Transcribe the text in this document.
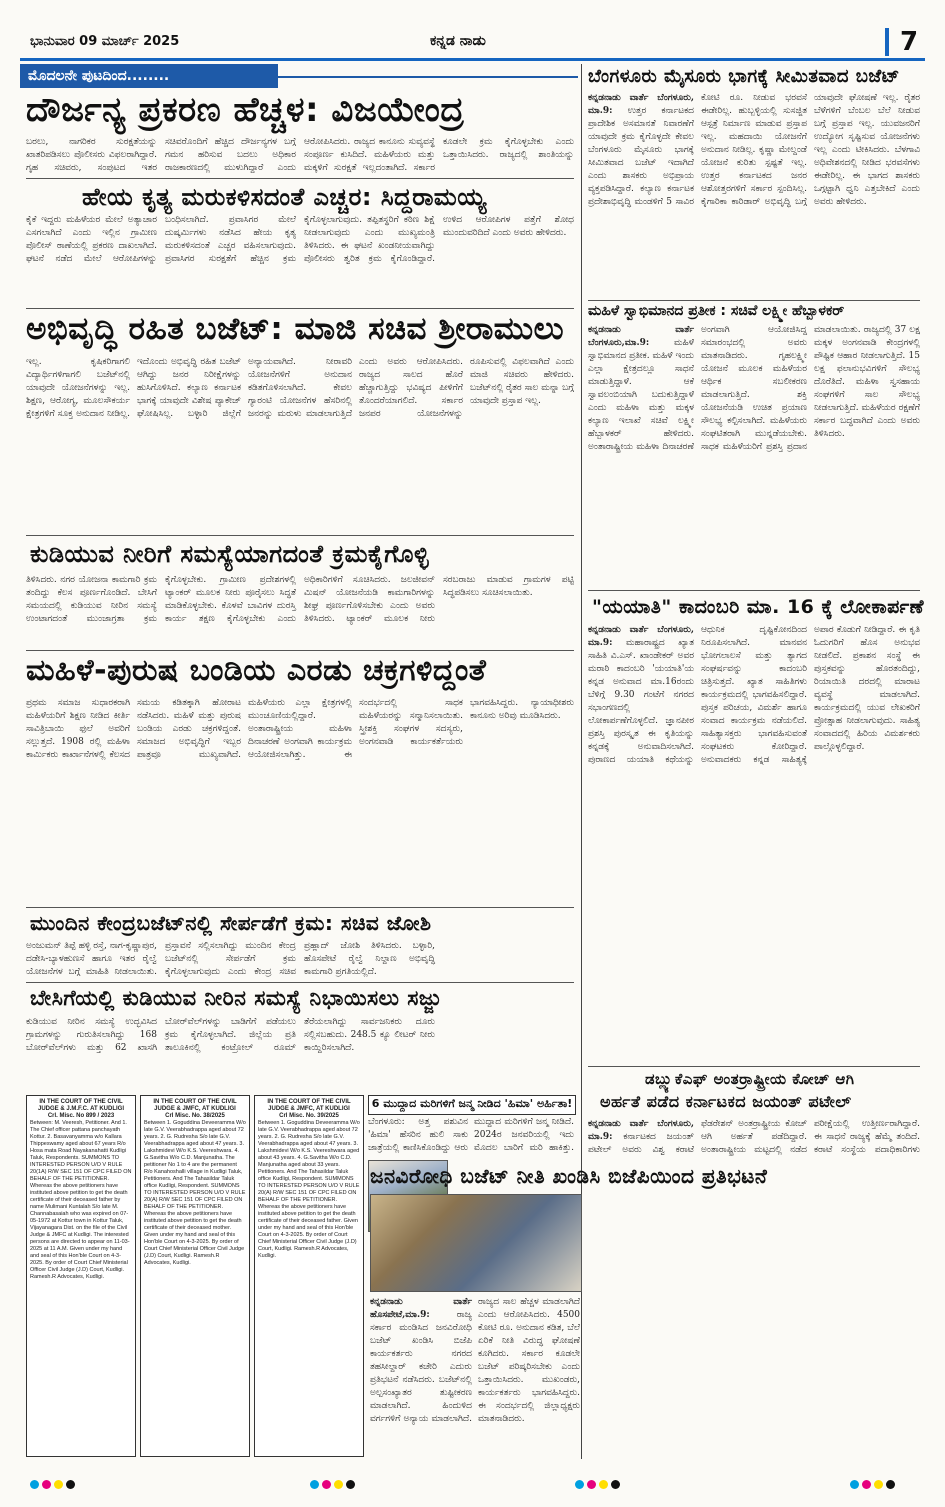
ಭಾನುವಾರ 09 ಮಾರ್ಚ್ 2025	ಕನ್ನಡ ನಾಡು	7
ಮೊದಲನೇ ಪುಟದಿಂದ........
ದೌರ್ಜನ್ಯ ಪ್ರಕರಣ ಹೆಚ್ಚಳ: ವಿಜಯೇಂದ್ರ
ಬರಲು, ನಾಗರಿಕರ ಸುರಕ್ಷತೆಯನ್ನು ಖಾತರಿಪಡಿಸಲು ಪೊಲೀಸರು ವಿಫಲರಾಗಿದ್ದಾರೆ. ಗೃಹ ಸಚಿವರು, ಸಂಪುಟದ ಇತರ ಸಚಿವರೊಂದಿಗೆ ಹೆಚ್ಚಿದ ದೌರ್ಜನ್ಯಗಳ ಬಗ್ಗೆ ಗಮನ ಹರಿಸುವ ಬದಲು ಅಧಿಕಾರ ರಾಜಕಾರಣದಲ್ಲಿ ಮುಳುಗಿದ್ದಾರೆ ಎಂದು ಆರೋಪಿಸಿದರು. ರಾಜ್ಯದ ಕಾನೂನು ಸುವ್ಯವಸ್ಥೆ ಸಂಪೂರ್ಣ ಕುಸಿದಿದೆ. ಮಹಿಳೆಯರು ಮತ್ತು ಮಕ್ಕಳಿಗೆ ಸುರಕ್ಷತೆ ಇಲ್ಲದಂತಾಗಿದೆ. ಸರ್ಕಾರ ಕೂಡಲೇ ಕ್ರಮ ಕೈಗೊಳ್ಳಬೇಕು ಎಂದು ಒತ್ತಾಯಿಸಿದರು. ರಾಜ್ಯದಲ್ಲಿ ಶಾಂತಿಯನ್ನು
ಹೇಯ ಕೃತ್ಯ ಮರುಕಳಿಸದಂತೆ ಎಚ್ಚರ: ಸಿದ್ದರಾಮಯ್ಯ
ಕೈಕೆ ಇದ್ದರು ಮಹಿಳೆಯರ ಮೇಲೆ ಅತ್ಯಾಚಾರ ಎಸಗಲಾಗಿದೆ ಎಂದು ಇಲ್ಲಿನ ಗ್ರಾಮೀಣ ಪೊಲೀಸ್ ಠಾಣೆಯಲ್ಲಿ ಪ್ರಕರಣ ದಾಖಲಾಗಿದೆ. ಘಟನೆ ನಡೆದ ಮೇಲೆ ಆರೋಪಿಗಳನ್ನು ಬಂಧಿಸಲಾಗಿದೆ. ಪ್ರವಾಸಿಗರ ಮೇಲೆ ದುಷ್ಕರ್ಮಿಗಳು ನಡೆಸಿದ ಹೇಯ ಕೃತ್ಯ ಮರುಕಳಿಸದಂತೆ ಎಚ್ಚರ ವಹಿಸಲಾಗುವುದು. ಪ್ರವಾಸಿಗರ ಸುರಕ್ಷತೆಗೆ ಹೆಚ್ಚಿನ ಕ್ರಮ ಕೈಗೊಳ್ಳಲಾಗುವುದು. ತಪ್ಪಿತಸ್ಥರಿಗೆ ಕಠಿಣ ಶಿಕ್ಷೆ ನೀಡಲಾಗುವುದು ಎಂದು ಮುಖ್ಯಮಂತ್ರಿ ತಿಳಿಸಿದರು. ಈ ಘಟನೆ ಖಂಡನೀಯವಾಗಿದ್ದು ಪೊಲೀಸರು ತ್ವರಿತ ಕ್ರಮ ಕೈಗೊಂಡಿದ್ದಾರೆ. ಉಳಿದ ಆರೋಪಿಗಳ ಪತ್ತೆಗೆ ಶೋಧ ಮುಂದುವರಿದಿದೆ ಎಂದು ಅವರು ಹೇಳಿದರು.
ಅಭಿವೃದ್ಧಿ ರಹಿತ ಬಜೆಟ್: ಮಾಜಿ ಸಚಿವ ಶ್ರೀರಾಮುಲು
ಇಲ್ಲ. ಕೃಷಿಕರಿಗಾಗಲಿ ವಿದ್ಯಾರ್ಥಿಗಳಿಗಾಗಲಿ ಬಜೆಟ್‌ನಲ್ಲಿ ಯಾವುದೇ ಯೋಜನೆಗಳನ್ನು ಇಲ್ಲ. ಶಿಕ್ಷಣ, ಆರೋಗ್ಯ, ಮೂಲಸೌಕರ್ಯ ಕ್ಷೇತ್ರಗಳಿಗೆ ಸೂಕ್ತ ಅನುದಾನ ನೀಡಿಲ್ಲ. ಇದೊಂದು ಅಭಿವೃದ್ಧಿ ರಹಿತ ಬಜೆಟ್ ಆಗಿದ್ದು ಜನರ ನಿರೀಕ್ಷೆಗಳನ್ನು ಹುಸಿಗೊಳಿಸಿದೆ. ಕಲ್ಯಾಣ ಕರ್ನಾಟಕ ಭಾಗಕ್ಕೆ ಯಾವುದೇ ವಿಶೇಷ ಪ್ಯಾಕೇಜ್ ಘೋಷಿಸಿಲ್ಲ. ಬಳ್ಳಾರಿ ಜಿಲ್ಲೆಗೆ ಅನ್ಯಾಯವಾಗಿದೆ. ನೀರಾವರಿ ಯೋಜನೆಗಳಿಗೆ ಅನುದಾನ ಕಡಿತಗೊಳಿಸಲಾಗಿದೆ. ಕೇವಲ ಗ್ಯಾರಂಟಿ ಯೋಜನೆಗಳ ಹೆಸರಿನಲ್ಲಿ ಜನರನ್ನು ಮರುಳು ಮಾಡಲಾಗುತ್ತಿದೆ ಎಂದು ಅವರು ಆರೋಪಿಸಿದರು. ರಾಜ್ಯದ ಸಾಲದ ಹೊರೆ ಹೆಚ್ಚಾಗುತ್ತಿದ್ದು ಭವಿಷ್ಯದ ಪೀಳಿಗೆಗೆ ತೊಂದರೆಯಾಗಲಿದೆ. ಸರ್ಕಾರ ಜನಪರ ಯೋಜನೆಗಳನ್ನು ರೂಪಿಸುವಲ್ಲಿ ವಿಫಲವಾಗಿದೆ ಎಂದು ಮಾಜಿ ಸಚಿವರು ಹೇಳಿದರು. ಬಜೆಟ್‌ನಲ್ಲಿ ರೈತರ ಸಾಲ ಮನ್ನಾ ಬಗ್ಗೆ ಯಾವುದೇ ಪ್ರಸ್ತಾಪ ಇಲ್ಲ.
ಕುಡಿಯುವ ನೀರಿಗೆ ಸಮಸ್ಯೆಯಾಗದಂತೆ ಕ್ರಮಕೈಗೊಳ್ಳಿ
ತಿಳಿಸಿದರು. ನಗರ ಯೋಜನಾ ಕಾಮಗಾರಿ ಕ್ರಮ ತಂದಿದ್ದು ಕೆಲಸ ಪೂರ್ಣಗೊಂಡಿದೆ. ಬೇಸಿಗೆ ಸಮಯದಲ್ಲಿ ಕುಡಿಯುವ ನೀರಿನ ಸಮಸ್ಯೆ ಉಂಟಾಗದಂತೆ ಮುಂಜಾಗ್ರತಾ ಕ್ರಮ ಕೈಗೊಳ್ಳಬೇಕು. ಗ್ರಾಮೀಣ ಪ್ರದೇಶಗಳಲ್ಲಿ ಟ್ಯಾಂಕರ್ ಮೂಲಕ ನೀರು ಪೂರೈಸಲು ಸಿದ್ಧತೆ ಮಾಡಿಕೊಳ್ಳಬೇಕು. ಕೊಳವೆ ಬಾವಿಗಳ ದುರಸ್ತಿ ಕಾರ್ಯ ತಕ್ಷಣ ಕೈಗೊಳ್ಳಬೇಕು ಎಂದು ಅಧಿಕಾರಿಗಳಿಗೆ ಸೂಚಿಸಿದರು. ಜಲಜೀವನ್ ಮಿಷನ್ ಯೋಜನೆಯಡಿ ಕಾಮಗಾರಿಗಳನ್ನು ಶೀಘ್ರ ಪೂರ್ಣಗೊಳಿಸಬೇಕು ಎಂದು ಅವರು ತಿಳಿಸಿದರು. ಟ್ಯಾಂಕರ್ ಮೂಲಕ ನೀರು ಸರಬರಾಜು ಮಾಡುವ ಗ್ರಾಮಗಳ ಪಟ್ಟಿ ಸಿದ್ಧಪಡಿಸಲು ಸೂಚಿಸಲಾಯಿತು.
ಮಹಿಳೆ-ಪುರುಷ ಬಂಡಿಯ ಎರಡು ಚಕ್ರಗಳಿದ್ದಂತೆ
ಪ್ರಥಮ ಸಮಾಜ ಸುಧಾರಕರಾಗಿ ಮಹಿಳೆಯರಿಗೆ ಶಿಕ್ಷಣ ನೀಡಿದ ಕೀರ್ತಿ ಸಾವಿತ್ರಿಬಾಯಿ ಫುಲೆ ಅವರಿಗೆ ಸಲ್ಲುತ್ತದೆ. 1908 ರಲ್ಲಿ ಮಹಿಳಾ ಕಾರ್ಮಿಕರು ಕಾರ್ಖಾನೆಗಳಲ್ಲಿ ಕೆಲಸದ ಸಮಯ ಕಡಿತಕ್ಕಾಗಿ ಹೋರಾಟ ನಡೆಸಿದರು. ಮಹಿಳೆ ಮತ್ತು ಪುರುಷ ಬಂಡಿಯ ಎರಡು ಚಕ್ರಗಳಿದ್ದಂತೆ. ಸಮಾಜದ ಅಭಿವೃದ್ಧಿಗೆ ಇಬ್ಬರ ಪಾತ್ರವೂ ಮುಖ್ಯವಾಗಿದೆ. ಮಹಿಳೆಯರು ಎಲ್ಲಾ ಕ್ಷೇತ್ರಗಳಲ್ಲಿ ಮುಂಚೂಣಿಯಲ್ಲಿದ್ದಾರೆ. ಅಂತಾರಾಷ್ಟ್ರೀಯ ಮಹಿಳಾ ದಿನಾಚರಣೆ ಅಂಗವಾಗಿ ಕಾರ್ಯಕ್ರಮ ಆಯೋಜಿಸಲಾಗಿತ್ತು. ಈ ಸಂದರ್ಭದಲ್ಲಿ ಸಾಧಕ ಮಹಿಳೆಯರನ್ನು ಸನ್ಮಾನಿಸಲಾಯಿತು. ಸ್ತ್ರೀಶಕ್ತಿ ಸಂಘಗಳ ಸದಸ್ಯರು, ಅಂಗನವಾಡಿ ಕಾರ್ಯಕರ್ತೆಯರು ಭಾಗವಹಿಸಿದ್ದರು. ನ್ಯಾಯಾಧೀಶರು ಕಾನೂನು ಅರಿವು ಮೂಡಿಸಿದರು.
ಮುಂದಿನ ಕೇಂದ್ರಬಜೆಟ್‌ನಲ್ಲಿ ಸೇರ್ಪಡೆಗೆ ಕ್ರಮ: ಸಚಿವ ಜೋಶಿ
ಅಂಜುಮನ್ ತಿಪ್ಪೆ ಹಳ್ಳಿ ರಸ್ತೆ, ನಾಗ-ಕೃಷ್ಣಾಪುರ, ದಡೇಸಿ-ಬ್ಯಾಳಹುಣಸೆ ಹಾಗೂ ಇತರ ರೈಲ್ವೆ ಯೋಜನೆಗಳ ಬಗ್ಗೆ ಮಾಹಿತಿ ನೀಡಲಾಯಿತು. ಪ್ರಸ್ತಾವನೆ ಸಲ್ಲಿಸಲಾಗಿದ್ದು ಮುಂದಿನ ಕೇಂದ್ರ ಬಜೆಟ್‌ನಲ್ಲಿ ಸೇರ್ಪಡೆಗೆ ಕ್ರಮ ಕೈಗೊಳ್ಳಲಾಗುವುದು ಎಂದು ಕೇಂದ್ರ ಸಚಿವ ಪ್ರಹ್ಲಾದ್ ಜೋಶಿ ತಿಳಿಸಿದರು. ಬಳ್ಳಾರಿ, ಹೊಸಪೇಟೆ ರೈಲ್ವೆ ನಿಲ್ದಾಣ ಅಭಿವೃದ್ಧಿ ಕಾಮಗಾರಿ ಪ್ರಗತಿಯಲ್ಲಿದೆ.
ಬೇಸಿಗೆಯಲ್ಲಿ ಕುಡಿಯುವ ನೀರಿನ ಸಮಸ್ಯೆ ನಿಭಾಯಿಸಲು ಸಜ್ಜು
ಕುಡಿಯುವ ನೀರಿನ ಸಮಸ್ಯೆ ಉದ್ಭವಿಸಿದ ಗ್ರಾಮಗಳನ್ನು ಗುರುತಿಸಲಾಗಿದ್ದು 168 ಬೋರ್‌ವೆಲ್‌ಗಳು ಮತ್ತು 62 ಖಾಸಗಿ ಬೋರ್‌ವೆಲ್‌ಗಳನ್ನು ಬಾಡಿಗೆಗೆ ಪಡೆಯಲು ಕ್ರಮ ಕೈಗೊಳ್ಳಲಾಗಿದೆ. ಜಿಲ್ಲೆಯ ಪ್ರತಿ ತಾಲೂಕಿನಲ್ಲಿ ಕಂಟ್ರೋಲ್ ರೂಮ್ ತೆರೆಯಲಾಗಿದ್ದು ಸಾರ್ವಜನಿಕರು ದೂರು ಸಲ್ಲಿಸಬಹುದು. 248.5 ಕ್ಯೂ ಲೀಟರ್ ನೀರು ಕಾಯ್ದಿರಿಸಲಾಗಿದೆ.
IN THE COURT OF THE CIVIL JUDGE & J.M.F.C. AT KUDLIGI
Crl. Misc. No 899 / 2023
Between: M. Veeresh, Petitioner. And 1. The Chief officer pattana panchayath Kottur. 2. Basavanyamma w/o Kallara Thippeswamy aged about 67 years R/o Hosa mata Road Nayakanahatti Kudligi Taluk, Respondents. SUMMONS TO INTERESTED PERSON U/O V RULE 20(1A) R/W SEC 151 OF CPC FILED ON BEHALF OF THE PETITIONER. Whereas the above petitioners have instituted above petition to get the death certificate of their deceased father by name Mulimani Kuntalah S/o late M. Channabasaiah who was expired on 07-05-1972 at Kottur town in Kottur Taluk, Vijayanagara Dist. on the file of the Civil Judge & JMFC at Kudligi. The interested persons are directed to appear on 11-03-2025 at 11 A.M. Given under my hand and seal of this Hon'ble Court on 4-3-2025. By order of Court Chief Ministerial Officer Civil Judge (J.D) Court, Kudligi. Ramesh.R Advocates, Kudligi.
IN THE COURT OF THE CIVIL JUDGE & JMFC, AT KUDLIGI
Crl Misc. No. 38/2025
Between 1. Goguddina Deveeramma W/o late G.V. Veerabhadrappa aged about 72 years. 2. G. Rudresha S/o late G.V. Veerabhadrappa aged about 47 years. 3. Lakshmidevi W/o K.S. Veereshwara. 4. G.Savitha W/o C.D. Manjunatha. The petitioner No 1 to 4 are the permanent R/o Kanahoshalli village in Kudligi Taluk, Petitioners. And The Tahasildar Taluk office Kudligi, Respondent. SUMMONS TO INTERESTED PERSON U/O V RULE 20(A) R/W SEC 151 OF CPC FILED ON BEHALF OF THE PETITIONER. Whereas the above petitioners have instituted above petition to get the death certificate of their deceased mother. Given under my hand and seal of this Hon'ble Court on 4-3-2025. By order of Court Chief Ministerial Officer Civil Judge (J.D) Court, Kudligi. Ramesh.R Advocates, Kudligi.
IN THE COURT OF THE CIVIL JUDGE & JMFC, AT KUDLIGI
Crl Misc. No. 39/2025
Between 1. Goguddina Deveeramma W/o late G.V. Veerabhadrappa aged about 72 years. 2. G. Rudresha S/o late G.V. Veerabhadrappa aged about 47 years. 3. Lakshmidevi W/o K.S. Veereshwara aged about 43 years. 4. G.Savitha W/o C.D. Manjunatha aged about 33 years. Petitioners. And The Tahasildar Taluk office Kudligi, Respondent. SUMMONS TO INTERESTED PERSON U/O V RULE 20(A) R/W SEC 151 OF CPC FILED ON BEHALF OF THE PETITIONER. Whereas the above petitioners have instituted above petition to get the death certificate of their deceased father. Given under my hand and seal of this Hon'ble Court on 4-3-2025. By order of Court Chief Ministerial Officer Civil Judge (J.D) Court, Kudligi. Ramesh.R Advocates, Kudligi.
6 ಮುದ್ದಾದ ಮರಿಗಳಿಗೆ ಜನ್ಮ ನೀಡಿದ 'ಹಿಮಾ' ಅರ್ಹಿತಾ!
ಬೆಂಗಳೂರು: ಅತ್ತ ಪಶುವಿನ 'ಹಿಮಾ' ಹೆಸರಿನ ಹುಲಿ ಸಾಕು ಜಾತ್ರೆಯಲ್ಲಿ ಕಾಣಿಸಿಕೊಂಡಿದ್ದು ಆರು ಮುದ್ದಾದ ಮರಿಗಳಿಗೆ ಜನ್ಮ ನೀಡಿದೆ. 2024ರ ಜನವರಿಯಲ್ಲಿ ಇದು ಮೊದಲ ಬಾರಿಗೆ ಮರಿ ಹಾಕಿತ್ತು.
ಜನವಿರೋಧಿ ಬಜೆಟ್ ನೀತಿ ಖಂಡಿಸಿ ಬಿಜೆಪಿಯಿಂದ ಪ್ರತಿಭಟನೆ
ಕನ್ನಡನಾಡು ವಾರ್ತೆ ಹೊಸಪೇಟೆ,ಮಾ.9:	ರಾಜ್ಯ ಸರ್ಕಾರ ಮಂಡಿಸಿದ ಜನವಿರೋಧಿ ಬಜೆಟ್ ಖಂಡಿಸಿ ಬಿಜೆಪಿ ಕಾರ್ಯಕರ್ತರು ನಗರದ ತಹಸೀಲ್ದಾರ್ ಕಚೇರಿ ಎದುರು ಪ್ರತಿಭಟನೆ ನಡೆಸಿದರು. ಬಜೆಟ್‌ನಲ್ಲಿ ಅಲ್ಪಸಂಖ್ಯಾತರ ತುಷ್ಟೀಕರಣ ಮಾಡಲಾಗಿದೆ. ಹಿಂದುಳಿದ ವರ್ಗಗಳಿಗೆ ಅನ್ಯಾಯ ಮಾಡಲಾಗಿದೆ. ರಾಜ್ಯದ ಸಾಲ ಹೆಚ್ಚಳ ಮಾಡಲಾಗಿದೆ ಎಂದು ಆರೋಪಿಸಿದರು. 4500 ಕೋಟಿ ರೂ. ಅನುದಾನ ಕಡಿತ, ಬೆಲೆ ಏರಿಕೆ ನೀತಿ ವಿರುದ್ಧ ಘೋಷಣೆ ಕೂಗಿದರು. ಸರ್ಕಾರ ಕೂಡಲೇ ಬಜೆಟ್ ಪರಿಷ್ಕರಿಸಬೇಕು ಎಂದು ಒತ್ತಾಯಿಸಿದರು. ಮುಖಂಡರು, ಕಾರ್ಯಕರ್ತರು ಭಾಗವಹಿಸಿದ್ದರು. ಈ ಸಂದರ್ಭದಲ್ಲಿ ಜಿಲ್ಲಾಧ್ಯಕ್ಷರು ಮಾತನಾಡಿದರು.
ಬೆಂಗಳೂರು ಮೈಸೂರು ಭಾಗಕ್ಕೆ ಸೀಮಿತವಾದ ಬಜೆಟ್
ಕನ್ನಡನಾಡು ವಾರ್ತೆ ಬೆಂಗಳೂರು, ಮಾ.9: ಉತ್ತರ ಕರ್ನಾಟಕದ ಪ್ರಾದೇಶಿಕ ಅಸಮಾನತೆ ನಿವಾರಣೆಗೆ ಯಾವುದೇ ಕ್ರಮ ಕೈಗೊಳ್ಳದೇ ಕೇವಲ ಬೆಂಗಳೂರು ಮೈಸೂರು ಭಾಗಕ್ಕೆ ಸೀಮಿತವಾದ ಬಜೆಟ್ ಇದಾಗಿದೆ ಎಂದು ಶಾಸಕರು ಅಭಿಪ್ರಾಯ ವ್ಯಕ್ತಪಡಿಸಿದ್ದಾರೆ. ಕಲ್ಯಾಣ ಕರ್ನಾಟಕ ಪ್ರದೇಶಾಭಿವೃದ್ಧಿ ಮಂಡಳಿಗೆ 5 ಸಾವಿರ ಕೋಟಿ ರೂ. ನೀಡುವ ಭರವಸೆ ಈಡೇರಿಲ್ಲ. ಹುಬ್ಬಳ್ಳಿಯಲ್ಲಿ ಸುಸಜ್ಜಿತ ಆಸ್ಪತ್ರೆ ನಿರ್ಮಾಣ ಮಾಡುವ ಪ್ರಸ್ತಾಪ ಇಲ್ಲ. ಮಹದಾಯಿ ಯೋಜನೆಗೆ ಅನುದಾನ ನೀಡಿಲ್ಲ. ಕೃಷ್ಣಾ ಮೇಲ್ದಂಡೆ ಯೋಜನೆ ಕುರಿತು ಸ್ಪಷ್ಟತೆ ಇಲ್ಲ. ಉತ್ತರ ಕರ್ನಾಟಕದ ಜನರ ಆಶೋತ್ತರಗಳಿಗೆ ಸರ್ಕಾರ ಸ್ಪಂದಿಸಿಲ್ಲ. ಕೈಗಾರಿಕಾ ಕಾರಿಡಾರ್ ಅಭಿವೃದ್ಧಿ ಬಗ್ಗೆ ಯಾವುದೇ ಘೋಷಣೆ ಇಲ್ಲ. ರೈತರ ಬೆಳೆಗಳಿಗೆ ಬೆಂಬಲ ಬೆಲೆ ನೀಡುವ ಬಗ್ಗೆ ಪ್ರಸ್ತಾಪ ಇಲ್ಲ. ಯುವಜನರಿಗೆ ಉದ್ಯೋಗ ಸೃಷ್ಟಿಸುವ ಯೋಜನೆಗಳು ಇಲ್ಲ ಎಂದು ಟೀಕಿಸಿದರು. ಬೆಳಗಾವಿ ಅಧಿವೇಶನದಲ್ಲಿ ನೀಡಿದ ಭರವಸೆಗಳು ಈಡೇರಿಲ್ಲ. ಈ ಭಾಗದ ಶಾಸಕರು ಒಗ್ಗಟ್ಟಾಗಿ ಧ್ವನಿ ಎತ್ತಬೇಕಿದೆ ಎಂದು ಅವರು ಹೇಳಿದರು.
ಮಹಿಳೆ ಸ್ವಾಭಿಮಾನದ ಪ್ರತೀಕ : ಸಚಿವೆ ಲಕ್ಷ್ಮೀ ಹೆಬ್ಬಾಳಕರ್
ಕನ್ನಡನಾಡು ವಾರ್ತೆ ಬೆಂಗಳೂರು,ಮಾ.9:	ಮಹಿಳೆ ಸ್ವಾಭಿಮಾನದ ಪ್ರತೀಕ. ಮಹಿಳೆ ಇಂದು ಎಲ್ಲಾ ಕ್ಷೇತ್ರದಲ್ಲೂ ಸಾಧನೆ ಮಾಡುತ್ತಿದ್ದಾಳೆ. ಆಕೆ ಸ್ವಾವಲಂಬಿಯಾಗಿ ಬದುಕುತ್ತಿದ್ದಾಳೆ ಎಂದು ಮಹಿಳಾ ಮತ್ತು ಮಕ್ಕಳ ಕಲ್ಯಾಣ ಇಲಾಖೆ ಸಚಿವೆ ಲಕ್ಷ್ಮೀ ಹೆಬ್ಬಾಳಕರ್ ಹೇಳಿದರು. ಅಂತಾರಾಷ್ಟ್ರೀಯ ಮಹಿಳಾ ದಿನಾಚರಣೆ ಅಂಗವಾಗಿ ಆಯೋಜಿಸಿದ್ದ ಸಮಾರಂಭದಲ್ಲಿ ಅವರು ಮಾತನಾಡಿದರು. ಗೃಹಲಕ್ಷ್ಮೀ ಯೋಜನೆ ಮೂಲಕ ಮಹಿಳೆಯರ ಆರ್ಥಿಕ ಸಬಲೀಕರಣ ಮಾಡಲಾಗುತ್ತಿದೆ. ಶಕ್ತಿ ಯೋಜನೆಯಡಿ ಉಚಿತ ಪ್ರಯಾಣ ಸೌಲಭ್ಯ ಕಲ್ಪಿಸಲಾಗಿದೆ. ಮಹಿಳೆಯರು ಸಂಘಟಿತರಾಗಿ ಮುನ್ನಡೆಯಬೇಕು. ಸಾಧಕ ಮಹಿಳೆಯರಿಗೆ ಪ್ರಶಸ್ತಿ ಪ್ರದಾನ ಮಾಡಲಾಯಿತು. ರಾಜ್ಯದಲ್ಲಿ 37 ಲಕ್ಷ ಮಕ್ಕಳ ಅಂಗನವಾಡಿ ಕೇಂದ್ರಗಳಲ್ಲಿ ಪೌಷ್ಟಿಕ ಆಹಾರ ನೀಡಲಾಗುತ್ತಿದೆ. 15 ಲಕ್ಷ ಫಲಾನುಭವಿಗಳಿಗೆ ಸೌಲಭ್ಯ ದೊರೆತಿದೆ. ಮಹಿಳಾ ಸ್ವಸಹಾಯ ಸಂಘಗಳಿಗೆ ಸಾಲ ಸೌಲಭ್ಯ ನೀಡಲಾಗುತ್ತಿದೆ. ಮಹಿಳೆಯರ ರಕ್ಷಣೆಗೆ ಸರ್ಕಾರ ಬದ್ಧವಾಗಿದೆ ಎಂದು ಅವರು ತಿಳಿಸಿದರು.
"ಯಯಾತಿ" ಕಾದಂಬರಿ ಮಾ. 16 ಕ್ಕೆ ಲೋಕಾರ್ಪಣೆ
ಕನ್ನಡನಾಡು ವಾರ್ತೆ ಬೆಂಗಳೂರು, ಮಾ.9: ಮಹಾರಾಷ್ಟ್ರದ ಖ್ಯಾತ ಸಾಹಿತಿ ವಿ.ಎಸ್. ಖಾಂಡೇಕರ್ ಅವರ ಮರಾಠಿ ಕಾದಂಬರಿ 'ಯಯಾತಿ'ಯ ಕನ್ನಡ ಅನುವಾದ ಮಾ.16ರಂದು ಬೆಳಿಗ್ಗೆ 9.30 ಗಂಟೆಗೆ ನಗರದ ಸಭಾಂಗಣದಲ್ಲಿ ಲೋಕಾರ್ಪಣೆಗೊಳ್ಳಲಿದೆ. ಜ್ಞಾನಪೀಠ ಪ್ರಶಸ್ತಿ ಪುರಸ್ಕೃತ ಈ ಕೃತಿಯನ್ನು ಕನ್ನಡಕ್ಕೆ ಅನುವಾದಿಸಲಾಗಿದೆ. ಪುರಾಣದ ಯಯಾತಿ ಕಥೆಯನ್ನು ಆಧುನಿಕ ದೃಷ್ಟಿಕೋನದಿಂದ ನಿರೂಪಿಸಲಾಗಿದೆ. ಮಾನವನ ಭೋಗಲಾಲಸೆ ಮತ್ತು ತ್ಯಾಗದ ಸಂಘರ್ಷವನ್ನು ಕಾದಂಬರಿ ಚಿತ್ರಿಸುತ್ತದೆ. ಖ್ಯಾತ ಸಾಹಿತಿಗಳು ಕಾರ್ಯಕ್ರಮದಲ್ಲಿ ಭಾಗವಹಿಸಲಿದ್ದಾರೆ. ಪುಸ್ತಕ ಪರಿಚಯ, ವಿಮರ್ಶೆ ಹಾಗೂ ಸಂವಾದ ಕಾರ್ಯಕ್ರಮ ನಡೆಯಲಿದೆ. ಸಾಹಿತ್ಯಾಸಕ್ತರು ಭಾಗವಹಿಸುವಂತೆ ಸಂಘಟಕರು ಕೋರಿದ್ದಾರೆ. ಅನುವಾದಕರು ಕನ್ನಡ ಸಾಹಿತ್ಯಕ್ಕೆ ಅಪಾರ ಕೊಡುಗೆ ನೀಡಿದ್ದಾರೆ. ಈ ಕೃತಿ ಓದುಗರಿಗೆ ಹೊಸ ಅನುಭವ ನೀಡಲಿದೆ. ಪ್ರಕಾಶನ ಸಂಸ್ಥೆ ಈ ಪುಸ್ತಕವನ್ನು ಹೊರತಂದಿದ್ದು, ರಿಯಾಯಿತಿ ದರದಲ್ಲಿ ಮಾರಾಟ ವ್ಯವಸ್ಥೆ ಮಾಡಲಾಗಿದೆ. ಕಾರ್ಯಕ್ರಮದಲ್ಲಿ ಯುವ ಲೇಖಕರಿಗೆ ಪ್ರೋತ್ಸಾಹ ನೀಡಲಾಗುವುದು. ಸಾಹಿತ್ಯ ಸಂವಾದದಲ್ಲಿ ಹಿರಿಯ ವಿಮರ್ಶಕರು ಪಾಲ್ಗೊಳ್ಳಲಿದ್ದಾರೆ.
ಡಬ್ಲ್ಯುಕೆಎಫ್ ಅಂತರ್ರಾಷ್ಟ್ರೀಯ ಕೋಚ್ ಆಗಿ
ಅರ್ಹತೆ ಪಡೆದ ಕರ್ನಾಟಕದ ಜಯಂತ್ ಪಟೇಲ್
ಕನ್ನಡನಾಡು ವಾರ್ತೆ ಬೆಂಗಳೂರು, ಮಾ.9: ಕರ್ನಾಟಕದ ಜಯಂತ್ ಪಟೇಲ್ ಅವರು ವಿಶ್ವ ಕರಾಟೆ ಫೆಡರೇಶನ್ ಅಂತರ್ರಾಷ್ಟ್ರೀಯ ಕೋಚ್ ಆಗಿ ಅರ್ಹತೆ ಪಡೆದಿದ್ದಾರೆ. ಅಂತಾರಾಷ್ಟ್ರೀಯ ಮಟ್ಟದಲ್ಲಿ ನಡೆದ ಪರೀಕ್ಷೆಯಲ್ಲಿ ಉತ್ತೀರ್ಣರಾಗಿದ್ದಾರೆ. ಈ ಸಾಧನೆ ರಾಜ್ಯಕ್ಕೆ ಹೆಮ್ಮೆ ತಂದಿದೆ. ಕರಾಟೆ ಸಂಸ್ಥೆಯ ಪದಾಧಿಕಾರಿಗಳು
